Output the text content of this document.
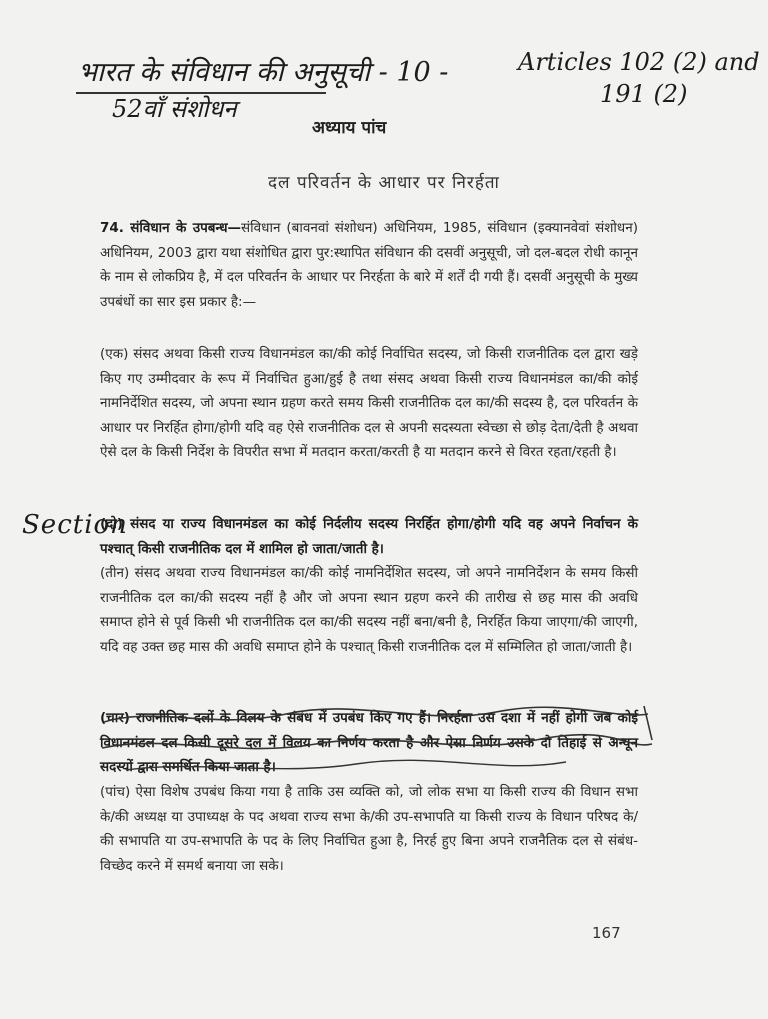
भारत के संविधान की अनुसूची - 10 -	Articles 102 (2) and
191 (2)
52वाँ संशोधन
Section
अध्याय पांच
दल परिवर्तन के आधार पर निरर्हता
74. संविधान के उपबन्ध—संविधान (बावनवां संशोधन) अधिनियम, 1985, संविधान (इक्यानवेवां संशोधन) अधिनियम, 2003 द्वारा यथा संशोधित द्वारा पुर:स्थापित संविधान की दसवीं अनुसूची, जो दल-बदल रोधी कानून के नाम से लोकप्रिय है, में दल परिवर्तन के आधार पर निरर्हता के बारे में शर्तें दी गयी हैं। दसवीं अनुसूची के मुख्य उपबंधों का सार इस प्रकार है:—
(एक) संसद अथवा किसी राज्य विधानमंडल का/की कोई निर्वाचित सदस्य, जो किसी राजनीतिक दल द्वारा खड़े किए गए उम्मीदवार के रूप में निर्वाचित हुआ/हुई है तथा संसद अथवा किसी राज्य विधानमंडल का/की कोई नामनिर्देशित सदस्य, जो अपना स्थान ग्रहण करते समय किसी राजनीतिक दल का/की सदस्य है, दल परिवर्तन के आधार पर निरर्हित होगा/होगी यदि वह ऐसे राजनीतिक दल से अपनी सदस्यता स्वेच्छा से छोड़ देता/देती है अथवा ऐसे दल के किसी निर्देश के विपरीत सभा में मतदान करता/करती है या मतदान करने से विरत रहता/रहती है।
(दो) संसद या राज्य विधानमंडल का कोई निर्दलीय सदस्य निरर्हित होगा/होगी यदि वह अपने निर्वाचन के पश्चात् किसी राजनीतिक दल में शामिल हो जाता/जाती है।
(तीन) संसद अथवा राज्य विधानमंडल का/की कोई नामनिर्देशित सदस्य, जो अपने नामनिर्देशन के समय किसी राजनीतिक दल का/की सदस्य नहीं है और जो अपना स्थान ग्रहण करने की तारीख से छह मास की अवधि समाप्त होने से पूर्व किसी भी राजनीतिक दल का/की सदस्य नहीं बना/बनी है, निरर्हित किया जाएगा/की जाएगी, यदि वह उक्त छह मास की अवधि समाप्त होने के पश्चात् किसी राजनीतिक दल में सम्मिलित हो जाता/जाती है।
(चार) राजनीतिक दलों के विलय के संबंध में उपबंध किए गए हैं। निरर्हता उस दशा में नहीं होगी जब कोई विधानमंडल दल किसी दूसरे दल में विलय का निर्णय करता है और ऐसा निर्णय उसके दो तिहाई से अन्यून सदस्यों द्वारा समर्थित किया जाता है।
(पांच) ऐसा विशेष उपबंध किया गया है ताकि उस व्यक्ति को, जो लोक सभा या किसी राज्य की विधान सभा के/की अध्यक्ष या उपाध्यक्ष के पद अथवा राज्य सभा के/की उप-सभापति या किसी राज्य के विधान परिषद के/की सभापति या उप-सभापति के पद के लिए निर्वाचित हुआ है, निरर्ह हुए बिना अपने राजनैतिक दल से संबंध-विच्छेद करने में समर्थ बनाया जा सके।
167
